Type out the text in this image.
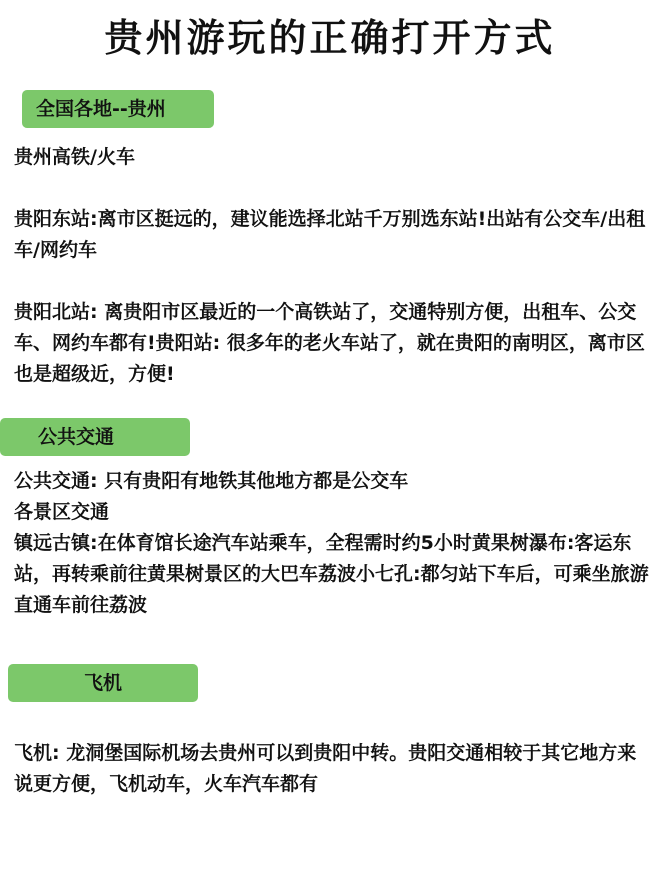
贵州游玩的正确打开方式
全国各地--贵州

贵州高铁/火车

贵阳东站:离市区挺远的，建议能选择北站千万别选东站!出站有公交车/出租车/网约车

贵阳北站: 离贵阳市区最近的一个高铁站了，交通特别方便，出租车、公交车、网约车都有!贵阳站: 很多年的老火车站了，就在贵阳的南明区，离市区也是超级近，方便!

公共交通

公共交通: 只有贵阳有地铁其他地方都是公交车

各景区交通

镇远古镇:在体育馆长途汽车站乘车，全程需时约5小时黄果树瀑布:客运东站，再转乘前往黄果树景区的大巴车荔波小七孔:都匀站下车后，可乘坐旅游直通车前往荔波

飞机

飞机: 龙洞堡国际机场去贵州可以到贵阳中转。贵阳交通相较于其它地方来说更方便，飞机动车，火车汽车都有
